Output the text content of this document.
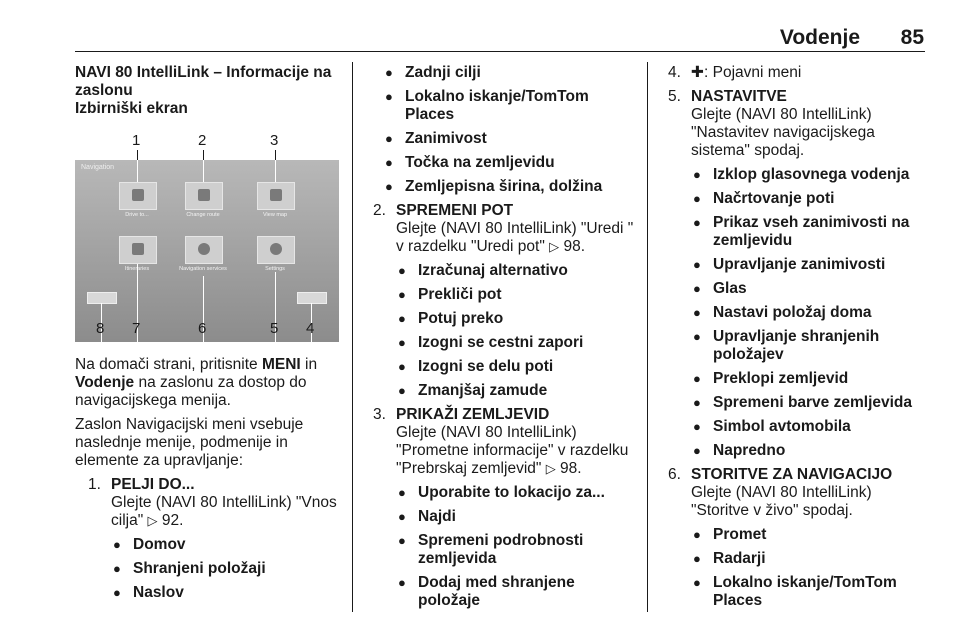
Vodenje	85
NAVI 80 IntelliLink – Informacije na zaslonu
Izbirniški ekran
Navigation
Drive to...	Change route	View map
Itineraries	Navigation services	Settings
1	2	3
8 7	6	5 4

Na domači strani, pritisnite MENI in Vodenje na zaslonu za dostop do navigacijskega menija.

Zaslon Navigacijski meni vsebuje naslednje menije, podmenije in elemente za upravljanje:

1. PELJI DO...
Glejte (NAVI 80 IntelliLink) "Vnos cilja" ▷ 92.
● Domov
● Shranjeni položaji
● Naslov
● Zadnji cilji
● Lokalno iskanje/TomTom Places
● Zanimivost
● Točka na zemljevidu
● Zemljepisna širina, dolžina
2. SPREMENI POT
Glejte (NAVI 80 IntelliLink) "Uredi " v razdelku "Uredi pot" ▷ 98.
● Izračunaj alternativo
● Prekliči pot
● Potuj preko
● Izogni se cestni zapori
● Izogni se delu poti
● Zmanjšaj zamude
3. PRIKAŽI ZEMLJEVID
Glejte (NAVI 80 IntelliLink) "Prometne informacije" v razdelku "Prebrskaj zemljevid" ▷ 98.
● Uporabite to lokacijo za...
● Najdi
● Spremeni podrobnosti zemljevida
● Dodaj med shranjene položaje
4. ✚: Pojavni meni
5. NASTAVITVE
Glejte (NAVI 80 IntelliLink) "Nastavitev navigacijskega sistema" spodaj.
● Izklop glasovnega vodenja
● Načrtovanje poti
● Prikaz vseh zanimivosti na zemljevidu
● Upravljanje zanimivosti
● Glas
● Nastavi položaj doma
● Upravljanje shranjenih položajev
● Preklopi zemljevid
● Spremeni barve zemljevida
● Simbol avtomobila
● Napredno
6. STORITVE ZA NAVIGACIJO
Glejte (NAVI 80 IntelliLink) "Storitve v živo" spodaj.
● Promet
● Radarji
● Lokalno iskanje/TomTom Places
